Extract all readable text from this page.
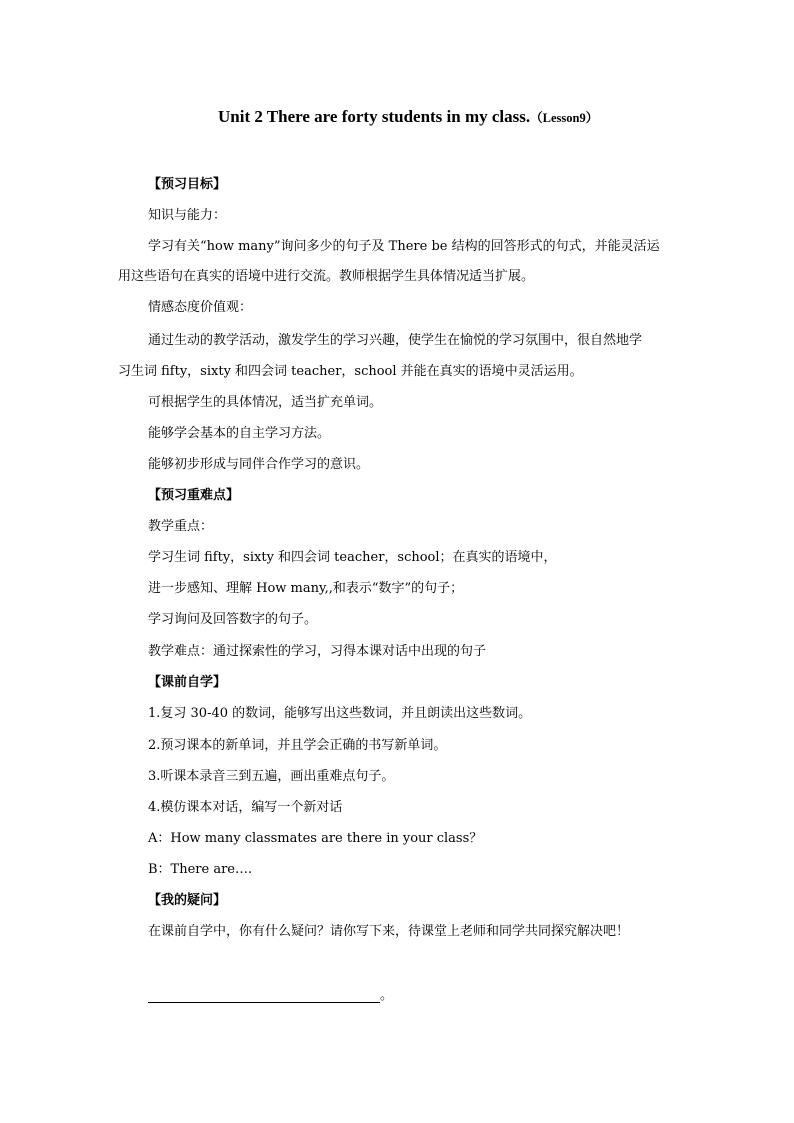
Unit 2 There are forty students in my class.（Lesson9）
【预习目标】
知识与能力：
学习有关“how many”询问多少的句子及 There be 结构的回答形式的句式，并能灵活运
用这些语句在真实的语境中进行交流。教师根据学生具体情况适当扩展。
情感态度价值观：
通过生动的教学活动，激发学生的学习兴趣，使学生在愉悦的学习氛围中，很自然地学
习生词 fifty，sixty 和四会词 teacher，school 并能在真实的语境中灵活运用。
可根据学生的具体情况，适当扩充单词。
能够学会基本的自主学习方法。
能够初步形成与同伴合作学习的意识。
【预习重难点】
教学重点：
学习生词 fifty，sixty 和四会词 teacher，school；在真实的语境中，
进一步感知、理解 How many,,和表示“数字”的句子；
学习询问及回答数字的句子。
教学难点：通过探索性的学习，习得本课对话中出现的句子
【课前自学】
1.复习 30-40 的数词，能够写出这些数词，并且朗读出这些数词。
2.预习课本的新单词，并且学会正确的书写新单词。
3.听课本录音三到五遍，画出重难点句子。
4.模仿课本对话，编写一个新对话
A：How many classmates are there in your class？
B：There are….
【我的疑问】
在课前自学中，你有什么疑问？请你写下来，待课堂上老师和同学共同探究解决吧！
。
